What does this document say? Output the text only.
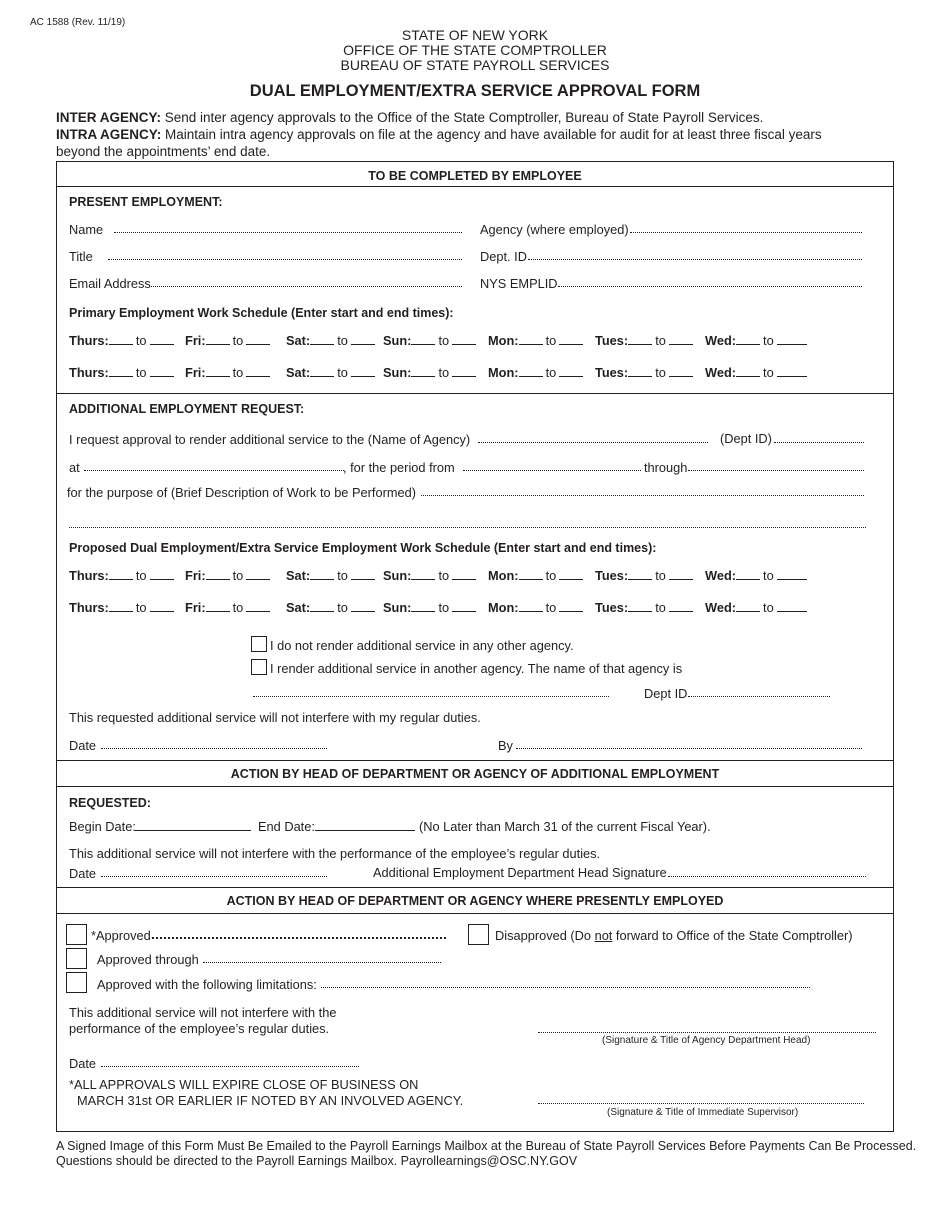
AC 1588 (Rev. 11/19)
STATE OF NEW YORK
OFFICE OF THE STATE COMPTROLLER
BUREAU OF STATE PAYROLL SERVICES
DUAL EMPLOYMENT/EXTRA SERVICE APPROVAL FORM
INTER AGENCY: Send inter agency approvals to the Office of the State Comptroller, Bureau of State Payroll Services.
INTRA AGENCY: Maintain intra agency approvals on file at the agency and have available for audit for at least three fiscal years
beyond the appointments’ end date.
TO BE COMPLETED BY EMPLOYEE
PRESENT EMPLOYMENT:
Name	Agency (where employed)
Title	Dept. ID
Email Address	NYS EMPLID
Primary Employment Work Schedule (Enter start and end times):
Thurs: to	Fri: to	Sat: to	Sun: to	Mon: to	Tues: to	Wed: to
Thurs: to	Fri: to	Sat: to	Sun: to	Mon: to	Tues: to	Wed: to
ADDITIONAL EMPLOYMENT REQUEST:
I request approval to render additional service to the (Name of Agency)	(Dept ID)
at	, for the period from	through
for the purpose of (Brief Description of Work to be Performed)
Proposed Dual Employment/Extra Service Employment Work Schedule (Enter start and end times):
Thurs: to	Fri: to	Sat: to	Sun: to	Mon: to	Tues: to	Wed: to
Thurs: to	Fri: to	Sat: to	Sun: to	Mon: to	Tues: to	Wed: to
I do not render additional service in any other agency.
I render additional service in another agency. The name of that agency is
Dept ID
This requested additional service will not interfere with my regular duties.
Date	By
ACTION BY HEAD OF DEPARTMENT OR AGENCY OF ADDITIONAL EMPLOYMENT
REQUESTED:
Begin Date:	End Date:	(No Later than March 31 of the current Fiscal Year).
This additional service will not interfere with the performance of the employee’s regular duties.
Date	Additional Employment Department Head Signature
ACTION BY HEAD OF DEPARTMENT OR AGENCY WHERE PRESENTLY EMPLOYED
*Approved	Disapproved (Do not forward to Office of the State Comptroller)
Approved through
Approved with the following limitations:
This additional service will not interfere with the
performance of the employee’s regular duties.
(Signature & Title of Agency Department Head)
Date
*ALL APPROVALS WILL EXPIRE CLOSE OF BUSINESS ON
MARCH 31st OR EARLIER IF NOTED BY AN INVOLVED AGENCY.
(Signature & Title of Immediate Supervisor)
A Signed Image of this Form Must Be Emailed to the Payroll Earnings Mailbox at the Bureau of State Payroll Services Before Payments Can Be Processed.
Questions should be directed to the Payroll Earnings Mailbox. Payrollearnings@OSC.NY.GOV
